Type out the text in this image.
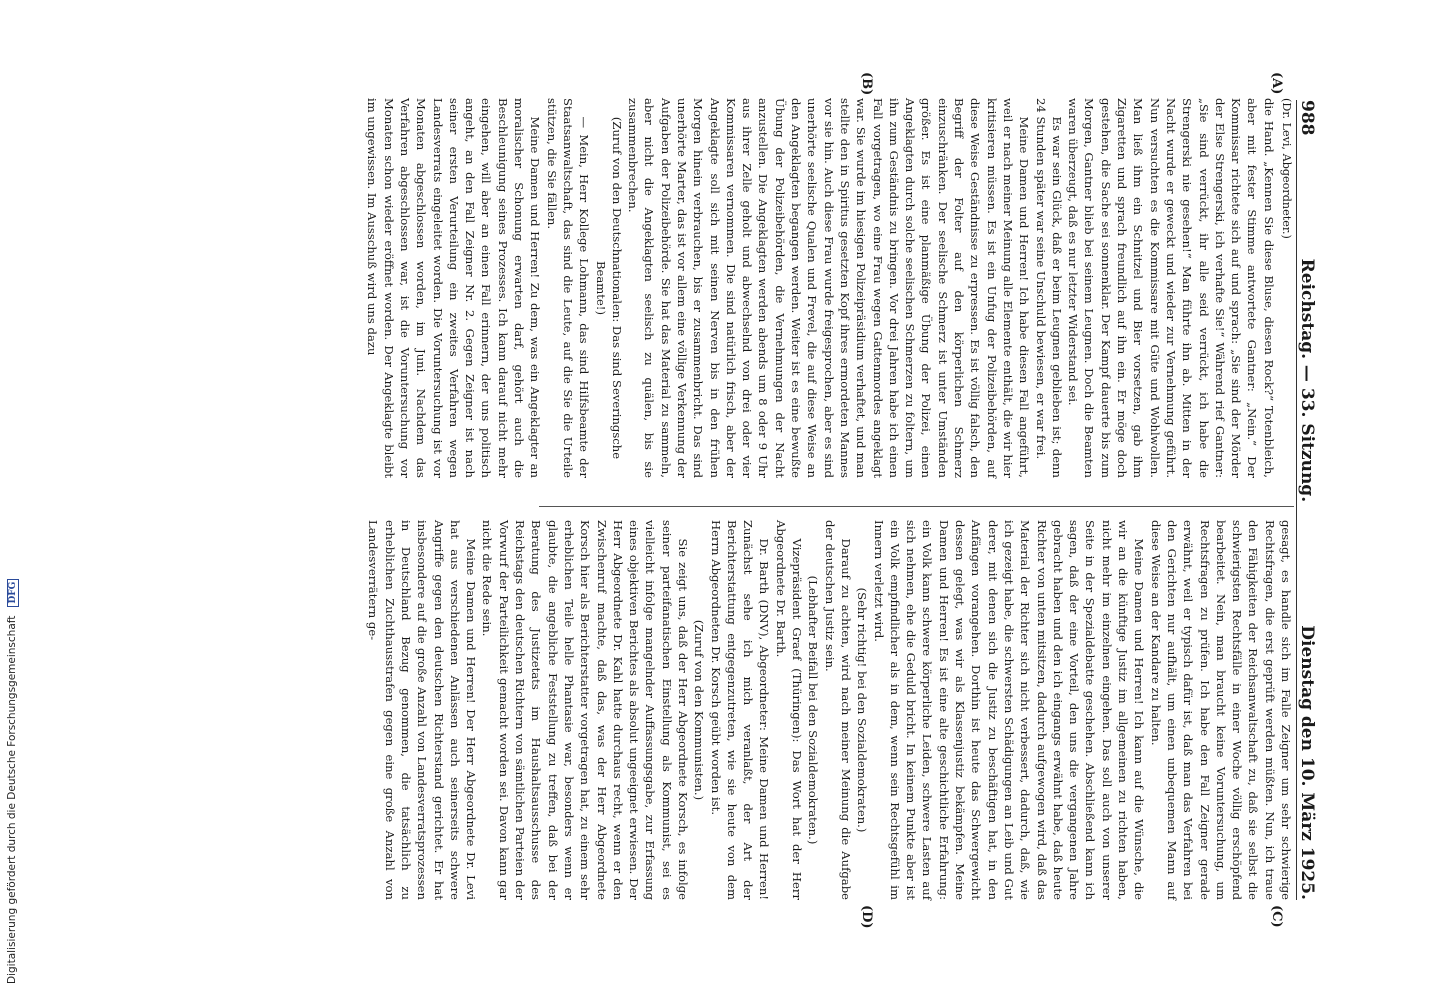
988
Reichstag. — 33. Sitzung.
Dienstag den 10. März 1925.
(A)
(B)
(C)
(D)

(Dr. Levi, Abgeordneter.)

die Hand. „Kennen Sie diese Bluse, diesen Rock?“ Totenbleich, aber mit fester Stimme antwortete Gantner: „Nein.“ Der Kommissar richtete sich auf und sprach: „Sie sind der Mörder der Else Strengerski, ich verhafte Sie!“ Während rief Gantner: „Sie sind verrückt, ihr alle seid verrückt, ich habe die Strengerski nie gesehen!“ Man führte ihn ab. Mitten in der Nacht wurde er geweckt und wieder zur Vernehmung geführt. Nun versuchten es die Kommissare mit Güte und Wohlwollen. Man ließ ihm ein Schnitzel und Bier vorsetzen, gab ihm Zigaretten und sprach freundlich auf ihn ein. Er möge doch gestehen, die Sache sei sonnenklar. Der Kampf dauerte bis zum Morgen, Gantner blieb bei seinem Leugnen. Doch die Beamten waren überzeugt, daß es nur letzter Widerstand sei.

Es war sein Glück, daß er beim Leugnen geblieben ist; denn 24 Stunden später war seine Unschuld bewiesen, er war frei.

Meine Damen und Herren! Ich habe diesen Fall angeführt, weil er nach meiner Meinung alle Elemente enthält, die wir hier kritisieren müssen. Es ist ein Unfug der Polizeibehörden, auf diese Weise Geständnisse zu erpressen. Es ist völlig falsch, den Begriff der Folter auf den körperlichen Schmerz einzuschränken. Der seelische Schmerz ist unter Umständen größer. Es ist eine planmäßige Übung der Polizei, einen Angeklagten durch solche seelischen Schmerzen zu foltern, um ihn zum Geständnis zu bringen. Vor drei Jahren habe ich einen Fall vorgetragen, wo eine Frau wegen Gattenmordes angeklagt war. Sie wurde im hiesigen Polizeipräsidium verhaftet, und man stellte den in Spiritus gesetzten Kopf ihres ermordeten Mannes vor sie hin. Auch diese Frau wurde freigesprochen, aber es sind unerhörte seelische Qualen und Frevel, die auf diese Weise an den Angeklagten begangen werden. Weiter ist es eine bewußte Übung der Polizeibehörden, die Vernehmungen der Nacht anzustellen. Die Angeklagten werden abends um 8 oder 9 Uhr aus ihrer Zelle geholt und abwechselnd von drei oder vier Kommissaren vernommen. Die sind natürlich frisch, aber der Angeklagte soll sich mit seinen Nerven bis in den frühen Morgen hinein verbrauchen, bis er zusammenbricht. Das sind unerhörte Marter, das ist vor allem eine völlige Verkennung der Aufgaben der Polizeibehörde. Sie hat das Material zu sammeln, aber nicht die Angeklagten seelisch zu quälen, bis sie zusammenbrechen.

(Zuruf von den Deutschnationalen: Das sind Severingsche Beamte!)

— Mein, Herr Kollege Lohmann, das sind Hilfsbeamte der Staatsanwaltschaft, das sind die Leute, auf die Sie die Urteile stützen, die Sie fällen.

Meine Damen und Herren! Zu dem, was ein Angeklagter an moralischer Schonung erwarten darf, gehört auch die Beschleunigung seines Prozesses. Ich kann darauf nicht mehr eingehen, will aber an einen Fall erinnern, der uns politisch angeht, an den Fall Zeigner Nr. 2. Gegen Zeigner ist nach seiner ersten Verurteilung ein zweites Verfahren wegen Landesverrats eingeleitet worden. Die Voruntersuchung ist vor Monaten abgeschlossen worden, im Juni. Nachdem das Verfahren abgeschlossen war, ist die Voruntersuchung vor Monaten schon wieder eröffnet worden. Der Angeklagte bleibt im ungewissen. Im Ausschuß wird uns dazu

gesagt, es handle sich im Falle Zeigner um sehr schwierige Rechtsfragen, die erst geprüft werden müßten. Nun, ich traue den Fähigkeiten der Reichsanwaltschaft zu, daß sie selbst die schwierigsten Rechtsfälle in einer Woche völlig erschöpfend bearbeitet. Nein, man braucht keine Voruntersuchung, um Rechtsfragen zu prüfen. Ich habe den Fall Zeigner gerade erwähnt, weil er typisch dafür ist, daß man das Verfahren bei den Gerichten nur aufhält, um einen unbequemen Mann auf diese Weise an der Kandare zu halten.

Meine Damen und Herren! Ich kann auf die Wünsche, die wir an die künftige Justiz im allgemeinen zu richten haben, nicht mehr im einzelnen eingehen. Das soll auch von unserer Seite in der Spezialdebatte geschehen. Abschließend kann ich sagen, daß der eine Vorteil, den uns die vergangenen Jahre gebracht haben und den ich eingangs erwähnt habe, daß heute Richter von unten mitsitzen, dadurch aufgewogen wird, daß das Material der Richter sich nicht verbessert, dadurch, daß, wie ich gezeigt habe, die schwersten Schädigungen an Leib und Gut derer, mit denen sich die Justiz zu beschäftigen hat, in den Anfängen vorangehen. Dorthin ist heute das Schwergewicht dessen gelegt, was wir als Klassenjustiz bekämpfen. Meine Damen und Herren! Es ist eine alte geschichtliche Erfahrung: ein Volk kann schwere körperliche Leiden, schwere Lasten auf sich nehmen, ehe die Geduld bricht. In keinem Punkte aber ist ein Volk empfindlicher als in dem, wenn sein Rechtsgefühl im Innern verletzt wird.

(Sehr richtig! bei den Sozialdemokraten.)

Darauf zu achten, wird nach meiner Meinung die Aufgabe der deutschen Justiz sein.

(Lebhafter Beifall bei den Sozialdemokraten.)

Vizepräsident Graef (Thüringen): Das Wort hat der Herr Abgeordnete Dr. Barth.

Dr. Barth (DNV), Abgeordneter: Meine Damen und Herren! Zunächst sehe ich mich veranlaßt, der Art der Berichterstattung entgegenzutreten, wie sie heute von dem Herrn Abgeordneten Dr. Korsch geübt worden ist.

(Zuruf von den Kommunisten.)

Sie zeigt uns, daß der Herr Abgeordnete Korsch, es infolge seiner parteifanatischen Einstellung als Kommunist, sei es vielleicht infolge mangelnder Auffassungsgabe, zur Erfassung eines objektiven Berichtes als absolut ungeeignet erwiesen. Der Herr Abgeordnete Dr. Kahl hatte durchaus recht, wenn er den Zwischenruf machte, daß das, was der Herr Abgeordnete Korsch hier als Berichterstatter vorgetragen hat, zu einem sehr erheblichen Teile helle Phantasie war, besonders wenn er glaubte, die angebliche Feststellung zu treffen, daß bei der Beratung des Justizetats im Haushaltsausschusse des Reichstags den deutschen Richtern von sämtlichen Parteien der Vorwurf der Parteilichkeit gemacht worden sei. Davon kann gar nicht die Rede sein.

Meine Damen und Herren! Der Herr Abgeordnete Dr. Levi hat aus verschiedenen Anlässen auch seinerseits schwere Angriffe gegen den deutschen Richterstand gerichtet. Er hat insbesondere auf die große Anzahl von Landesverratsprozessen in Deutschland Bezug genommen, die tatsächlich zu erheblichen Zuchthausstrafen gegen eine große Anzahl von Landesverrätern ge-

Digitalisierung gefördert durch die Deutsche Forschungsgemeinschaft DFG
